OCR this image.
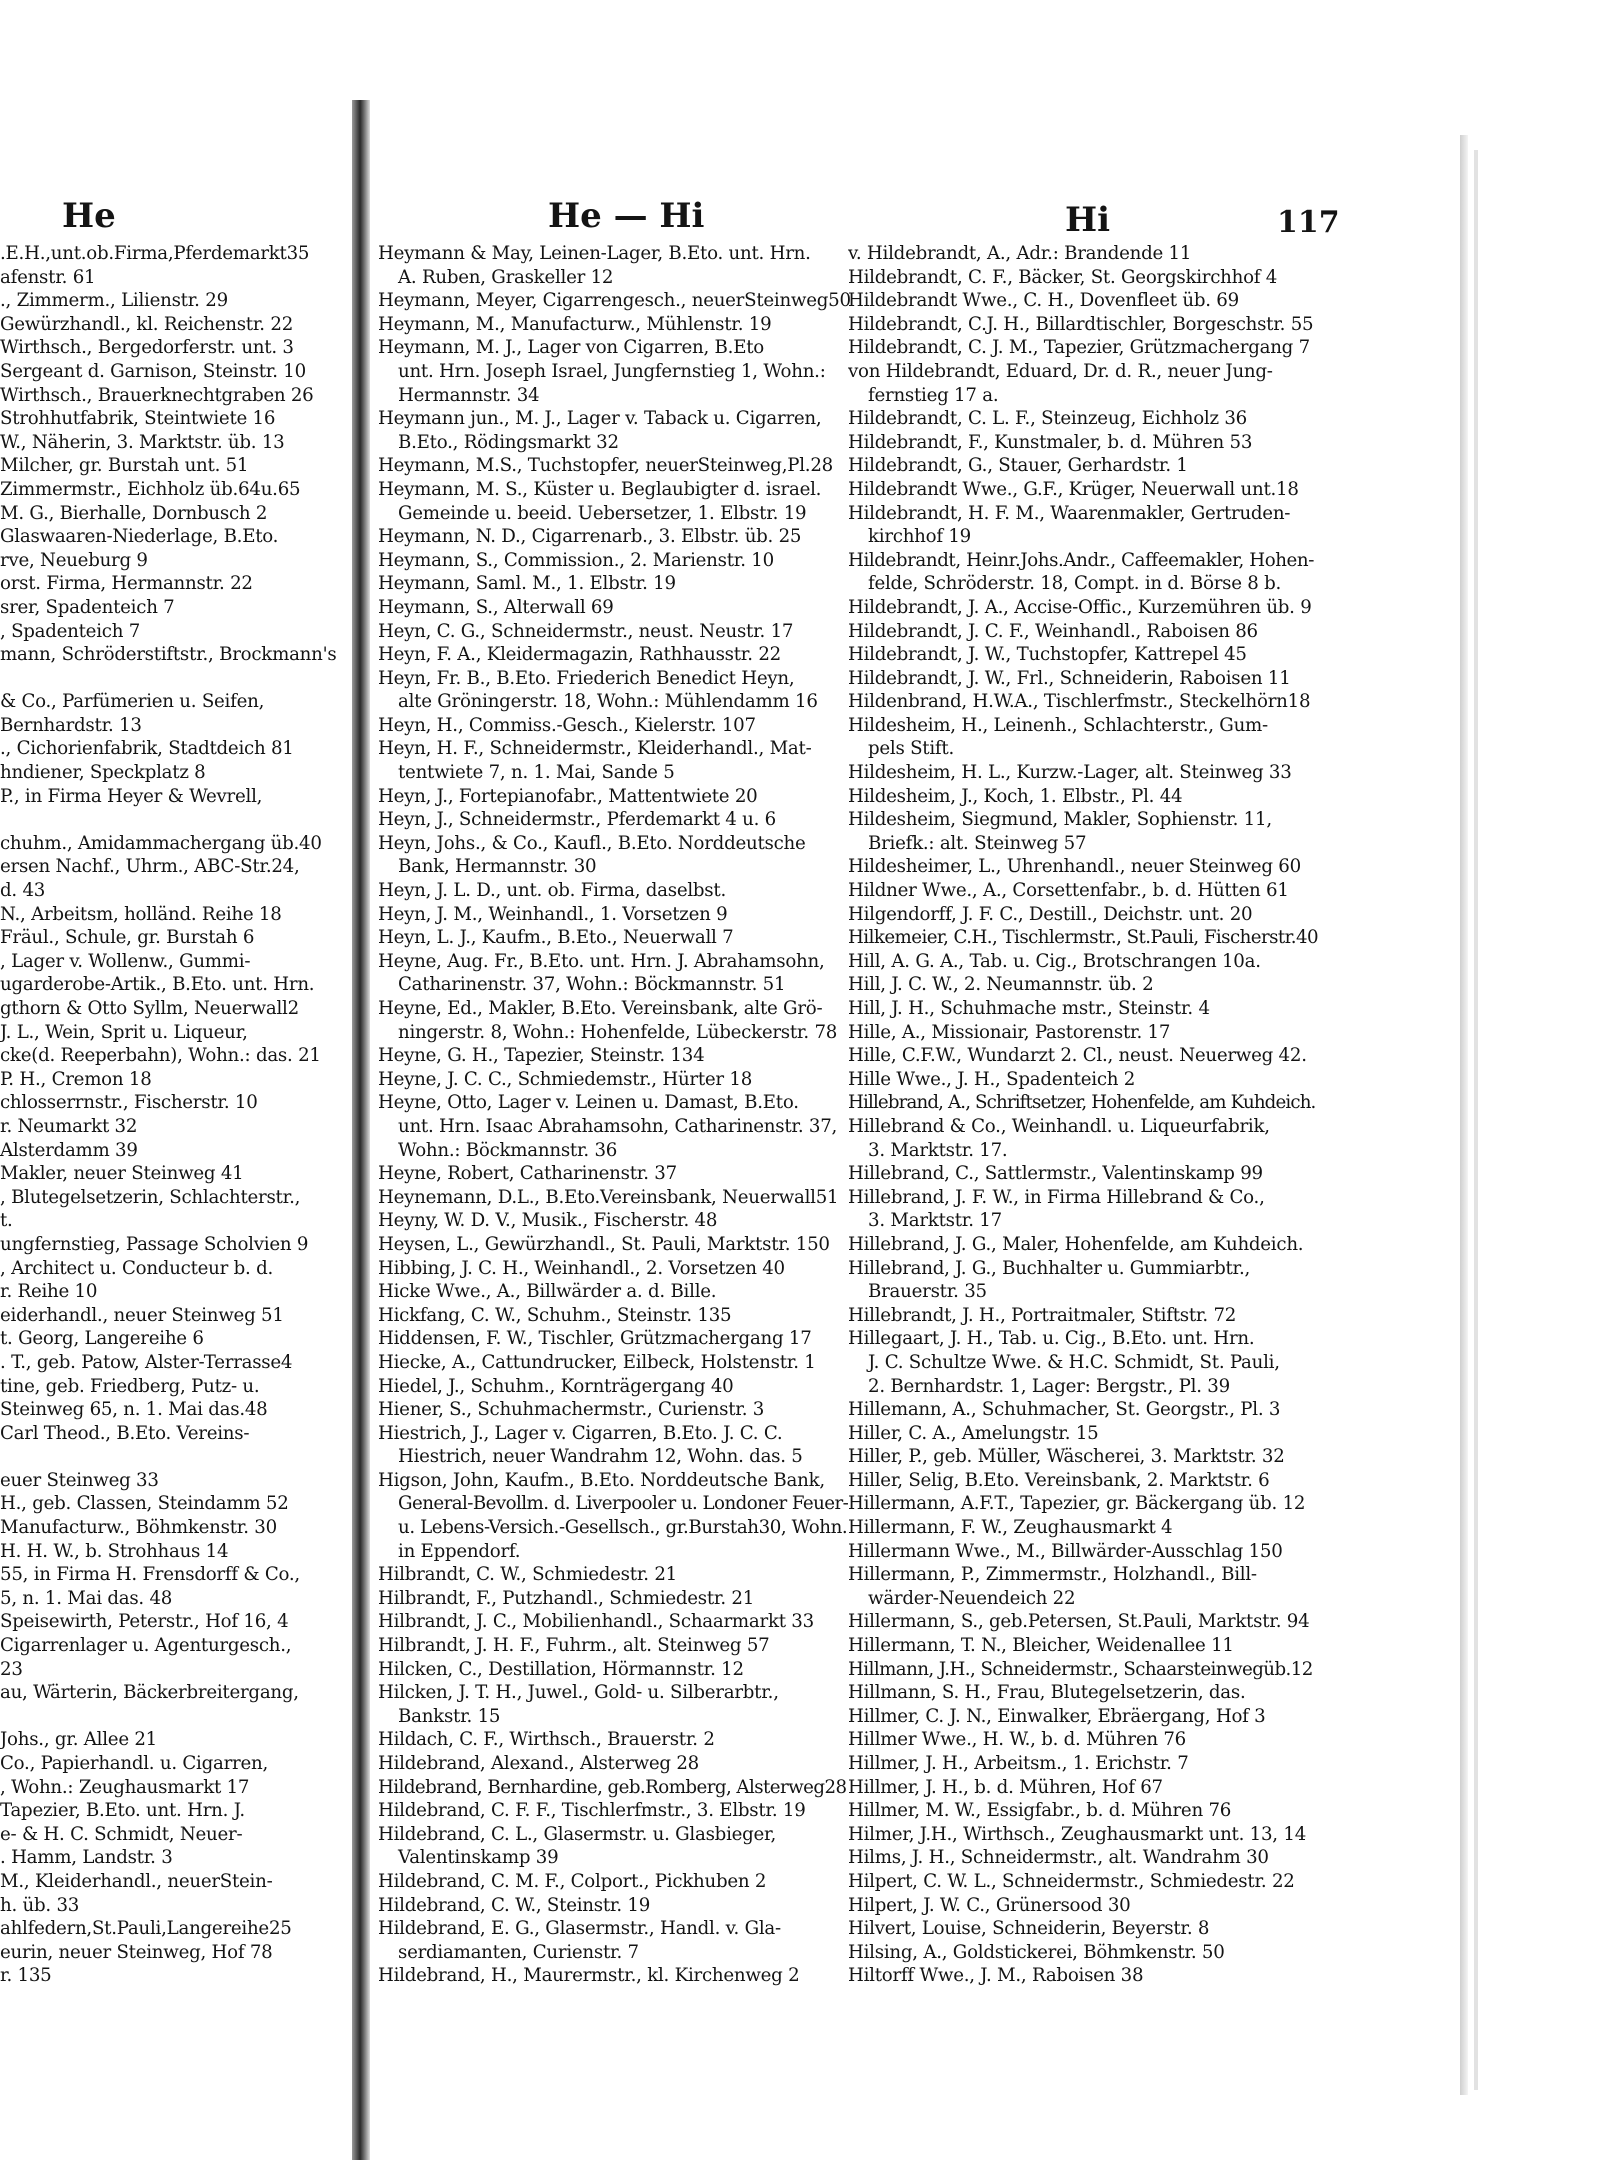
He	He — Hi	Hi	117
.E.H.,unt.ob.Firma,Pferdemarkt35
afenstr. 61
., Zimmerm., Lilienstr. 29
Gewürzhandl., kl. Reichenstr. 22
Wirthsch., Bergedorferstr. unt. 3
Sergeant d. Garnison, Steinstr. 10
Wirthsch., Brauerknechtgraben 26
Strohhutfabrik, Steintwiete 16
W., Näherin, 3. Marktstr. üb. 13
Milcher, gr. Burstah unt. 51
Zimmermstr., Eichholz üb.64u.65
M. G., Bierhalle, Dornbusch 2
Glaswaaren-Niederlage, B.Eto.
rve, Neueburg 9
orst. Firma, Hermannstr. 22
srer, Spadenteich 7
, Spadenteich 7
mann, Schröderstiftstr., Brockmann's

& Co., Parfümerien u. Seifen,
Bernhardstr. 13
., Cichorienfabrik, Stadtdeich 81
hndiener, Speckplatz 8
P., in Firma Heyer & Wevrell,

chuhm., Amidammachergang üb.40
ersen Nachf., Uhrm., ABC-Str.24,
d. 43
N., Arbeitsm, holländ. Reihe 18
Fräul., Schule, gr. Burstah 6
, Lager v. Wollenw., Gummi-
ugarderobe-Artik., B.Eto. unt. Hrn.
gthorn & Otto Syllm, Neuerwall2
J. L., Wein, Sprit u. Liqueur,
cke(d. Reeperbahn), Wohn.: das. 21
P. H., Cremon 18
chlosserrnstr., Fischerstr. 10
r. Neumarkt 32
Alsterdamm 39
Makler, neuer Steinweg 41
, Blutegelsetzerin, Schlachterstr.,
t.
ungfernstieg, Passage Scholvien 9
, Architect u. Conducteur b. d.
r. Reihe 10
eiderhandl., neuer Steinweg 51
t. Georg, Langereihe 6
. T., geb. Patow, Alster-Terrasse4
tine, geb. Friedberg, Putz- u.
Steinweg 65, n. 1. Mai das.48
Carl Theod., B.Eto. Vereins-

euer Steinweg 33
H., geb. Classen, Steindamm 52
Manufacturw., Böhmkenstr. 30
H. H. W., b. Strohhaus 14
55, in Firma H. Frensdorff & Co.,
5, n. 1. Mai das. 48
Speisewirth, Peterstr., Hof 16, 4
Cigarrenlager u. Agenturgesch.,
23
au, Wärterin, Bäckerbreitergang,

Johs., gr. Allee 21
Co., Papierhandl. u. Cigarren,
, Wohn.: Zeughausmarkt 17
Tapezier, B.Eto. unt. Hrn. J.
e- & H. C. Schmidt, Neuer-
. Hamm, Landstr. 3
M., Kleiderhandl., neuerStein-
h. üb. 33
ahlfedern,St.Pauli,Langereihe25
eurin, neuer Steinweg, Hof 78
r. 135
Heymann & May, Leinen-Lager, B.Eto. unt. Hrn.
A. Ruben, Graskeller 12
Heymann, Meyer, Cigarrengesch., neuerSteinweg50
Heymann, M., Manufacturw., Mühlenstr. 19
Heymann, M. J., Lager von Cigarren, B.Eto
unt. Hrn. Joseph Israel, Jungfernstieg 1, Wohn.:
Hermannstr. 34
Heymann jun., M. J., Lager v. Taback u. Cigarren,
B.Eto., Rödingsmarkt 32
Heymann, M.S., Tuchstopfer, neuerSteinweg,Pl.28
Heymann, M. S., Küster u. Beglaubigter d. israel.
Gemeinde u. beeid. Uebersetzer, 1. Elbstr. 19
Heymann, N. D., Cigarrenarb., 3. Elbstr. üb. 25
Heymann, S., Commission., 2. Marienstr. 10
Heymann, Saml. M., 1. Elbstr. 19
Heymann, S., Alterwall 69
Heyn, C. G., Schneidermstr., neust. Neustr. 17
Heyn, F. A., Kleidermagazin, Rathhausstr. 22
Heyn, Fr. B., B.Eto. Friederich Benedict Heyn,
alte Gröningerstr. 18, Wohn.: Mühlendamm 16
Heyn, H., Commiss.-Gesch., Kielerstr. 107
Heyn, H. F., Schneidermstr., Kleiderhandl., Mat-
tentwiete 7, n. 1. Mai, Sande 5
Heyn, J., Fortepianofabr., Mattentwiete 20
Heyn, J., Schneidermstr., Pferdemarkt 4 u. 6
Heyn, Johs., & Co., Kaufl., B.Eto. Norddeutsche
Bank, Hermannstr. 30
Heyn, J. L. D., unt. ob. Firma, daselbst.
Heyn, J. M., Weinhandl., 1. Vorsetzen 9
Heyn, L. J., Kaufm., B.Eto., Neuerwall 7
Heyne, Aug. Fr., B.Eto. unt. Hrn. J. Abrahamsohn,
Catharinenstr. 37, Wohn.: Böckmannstr. 51
Heyne, Ed., Makler, B.Eto. Vereinsbank, alte Grö-
ningerstr. 8, Wohn.: Hohenfelde, Lübeckerstr. 78
Heyne, G. H., Tapezier, Steinstr. 134
Heyne, J. C. C., Schmiedemstr., Hürter 18
Heyne, Otto, Lager v. Leinen u. Damast, B.Eto.
unt. Hrn. Isaac Abrahamsohn, Catharinenstr. 37,
Wohn.: Böckmannstr. 36
Heyne, Robert, Catharinenstr. 37
Heynemann, D.L., B.Eto.Vereinsbank, Neuerwall51
Heyny, W. D. V., Musik., Fischerstr. 48
Heysen, L., Gewürzhandl., St. Pauli, Marktstr. 150
Hibbing, J. C. H., Weinhandl., 2. Vorsetzen 40
Hicke Wwe., A., Billwärder a. d. Bille.
Hickfang, C. W., Schuhm., Steinstr. 135
Hiddensen, F. W., Tischler, Grützmachergang 17
Hiecke, A., Cattundrucker, Eilbeck, Holstenstr. 1
Hiedel, J., Schuhm., Kornträgergang 40
Hiener, S., Schuhmachermstr., Curienstr. 3
Hiestrich, J., Lager v. Cigarren, B.Eto. J. C. C.
Hiestrich, neuer Wandrahm 12, Wohn. das. 5
Higson, John, Kaufm., B.Eto. Norddeutsche Bank,
General-Bevollm. d. Liverpooler u. Londoner Feuer-
u. Lebens-Versich.-Gesellsch., gr.Burstah30, Wohn.
in Eppendorf.
Hilbrandt, C. W., Schmiedestr. 21
Hilbrandt, F., Putzhandl., Schmiedestr. 21
Hilbrandt, J. C., Mobilienhandl., Schaarmarkt 33
Hilbrandt, J. H. F., Fuhrm., alt. Steinweg 57
Hilcken, C., Destillation, Hörmannstr. 12
Hilcken, J. T. H., Juwel., Gold- u. Silberarbtr.,
Bankstr. 15
Hildach, C. F., Wirthsch., Brauerstr. 2
Hildebrand, Alexand., Alsterweg 28
Hildebrand, Bernhardine, geb.Romberg, Alsterweg28
Hildebrand, C. F. F., Tischlerfmstr., 3. Elbstr. 19
Hildebrand, C. L., Glasermstr. u. Glasbieger,
Valentinskamp 39
Hildebrand, C. M. F., Colport., Pickhuben 2
Hildebrand, C. W., Steinstr. 19
Hildebrand, E. G., Glasermstr., Handl. v. Gla-
serdiamanten, Curienstr. 7
Hildebrand, H., Maurermstr., kl. Kirchenweg 2
v. Hildebrandt, A., Adr.: Brandende 11
Hildebrandt, C. F., Bäcker, St. Georgskirchhof 4
Hildebrandt Wwe., C. H., Dovenfleet üb. 69
Hildebrandt, C.J. H., Billardtischler, Borgeschstr. 55
Hildebrandt, C. J. M., Tapezier, Grützmachergang 7
von Hildebrandt, Eduard, Dr. d. R., neuer Jung-
fernstieg 17 a.
Hildebrandt, C. L. F., Steinzeug, Eichholz 36
Hildebrandt, F., Kunstmaler, b. d. Mühren 53
Hildebrandt, G., Stauer, Gerhardstr. 1
Hildebrandt Wwe., G.F., Krüger, Neuerwall unt.18
Hildebrandt, H. F. M., Waarenmakler, Gertruden-
kirchhof 19
Hildebrandt, Heinr.Johs.Andr., Caffeemakler, Hohen-
felde, Schröderstr. 18, Compt. in d. Börse 8 b.
Hildebrandt, J. A., Accise-Offic., Kurzemühren üb. 9
Hildebrandt, J. C. F., Weinhandl., Raboisen 86
Hildebrandt, J. W., Tuchstopfer, Kattrepel 45
Hildebrandt, J. W., Frl., Schneiderin, Raboisen 11
Hildenbrand, H.W.A., Tischlerfmstr., Steckelhörn18
Hildesheim, H., Leinenh., Schlachterstr., Gum-
pels Stift.
Hildesheim, H. L., Kurzw.-Lager, alt. Steinweg 33
Hildesheim, J., Koch, 1. Elbstr., Pl. 44
Hildesheim, Siegmund, Makler, Sophienstr. 11,
Briefk.: alt. Steinweg 57
Hildesheimer, L., Uhrenhandl., neuer Steinweg 60
Hildner Wwe., A., Corsettenfabr., b. d. Hütten 61
Hilgendorff, J. F. C., Destill., Deichstr. unt. 20
Hilkemeier, C.H., Tischlermstr., St.Pauli, Fischerstr.40
Hill, A. G. A., Tab. u. Cig., Brotschrangen 10a.
Hill, J. C. W., 2. Neumannstr. üb. 2
Hill, J. H., Schuhmache mstr., Steinstr. 4
Hille, A., Missionair, Pastorenstr. 17
Hille, C.F.W., Wundarzt 2. Cl., neust. Neuerweg 42.
Hille Wwe., J. H., Spadenteich 2
Hillebrand, A., Schriftsetzer, Hohenfelde, am Kuhdeich.
Hillebrand & Co., Weinhandl. u. Liqueurfabrik,
3. Marktstr. 17.
Hillebrand, C., Sattlermstr., Valentinskamp 99
Hillebrand, J. F. W., in Firma Hillebrand & Co.,
3. Marktstr. 17
Hillebrand, J. G., Maler, Hohenfelde, am Kuhdeich.
Hillebrand, J. G., Buchhalter u. Gummiarbtr.,
Brauerstr. 35
Hillebrandt, J. H., Portraitmaler, Stiftstr. 72
Hillegaart, J. H., Tab. u. Cig., B.Eto. unt. Hrn.
J. C. Schultze Wwe. & H.C. Schmidt, St. Pauli,
2. Bernhardstr. 1, Lager: Bergstr., Pl. 39
Hillemann, A., Schuhmacher, St. Georgstr., Pl. 3
Hiller, C. A., Amelungstr. 15
Hiller, P., geb. Müller, Wäscherei, 3. Marktstr. 32
Hiller, Selig, B.Eto. Vereinsbank, 2. Marktstr. 6
Hillermann, A.F.T., Tapezier, gr. Bäckergang üb. 12
Hillermann, F. W., Zeughausmarkt 4
Hillermann Wwe., M., Billwärder-Ausschlag 150
Hillermann, P., Zimmermstr., Holzhandl., Bill-
wärder-Neuendeich 22
Hillermann, S., geb.Petersen, St.Pauli, Marktstr. 94
Hillermann, T. N., Bleicher, Weidenallee 11
Hillmann, J.H., Schneidermstr., Schaarsteinwegüb.12
Hillmann, S. H., Frau, Blutegelsetzerin, das.
Hillmer, C. J. N., Einwalker, Ebräergang, Hof 3
Hillmer Wwe., H. W., b. d. Mühren 76
Hillmer, J. H., Arbeitsm., 1. Erichstr. 7
Hillmer, J. H., b. d. Mühren, Hof 67
Hillmer, M. W., Essigfabr., b. d. Mühren 76
Hilmer, J.H., Wirthsch., Zeughausmarkt unt. 13, 14
Hilms, J. H., Schneidermstr., alt. Wandrahm 30
Hilpert, C. W. L., Schneidermstr., Schmiedestr. 22
Hilpert, J. W. C., Grünersood 30
Hilvert, Louise, Schneiderin, Beyerstr. 8
Hilsing, A., Goldstickerei, Böhmkenstr. 50
Hiltorff Wwe., J. M., Raboisen 38
